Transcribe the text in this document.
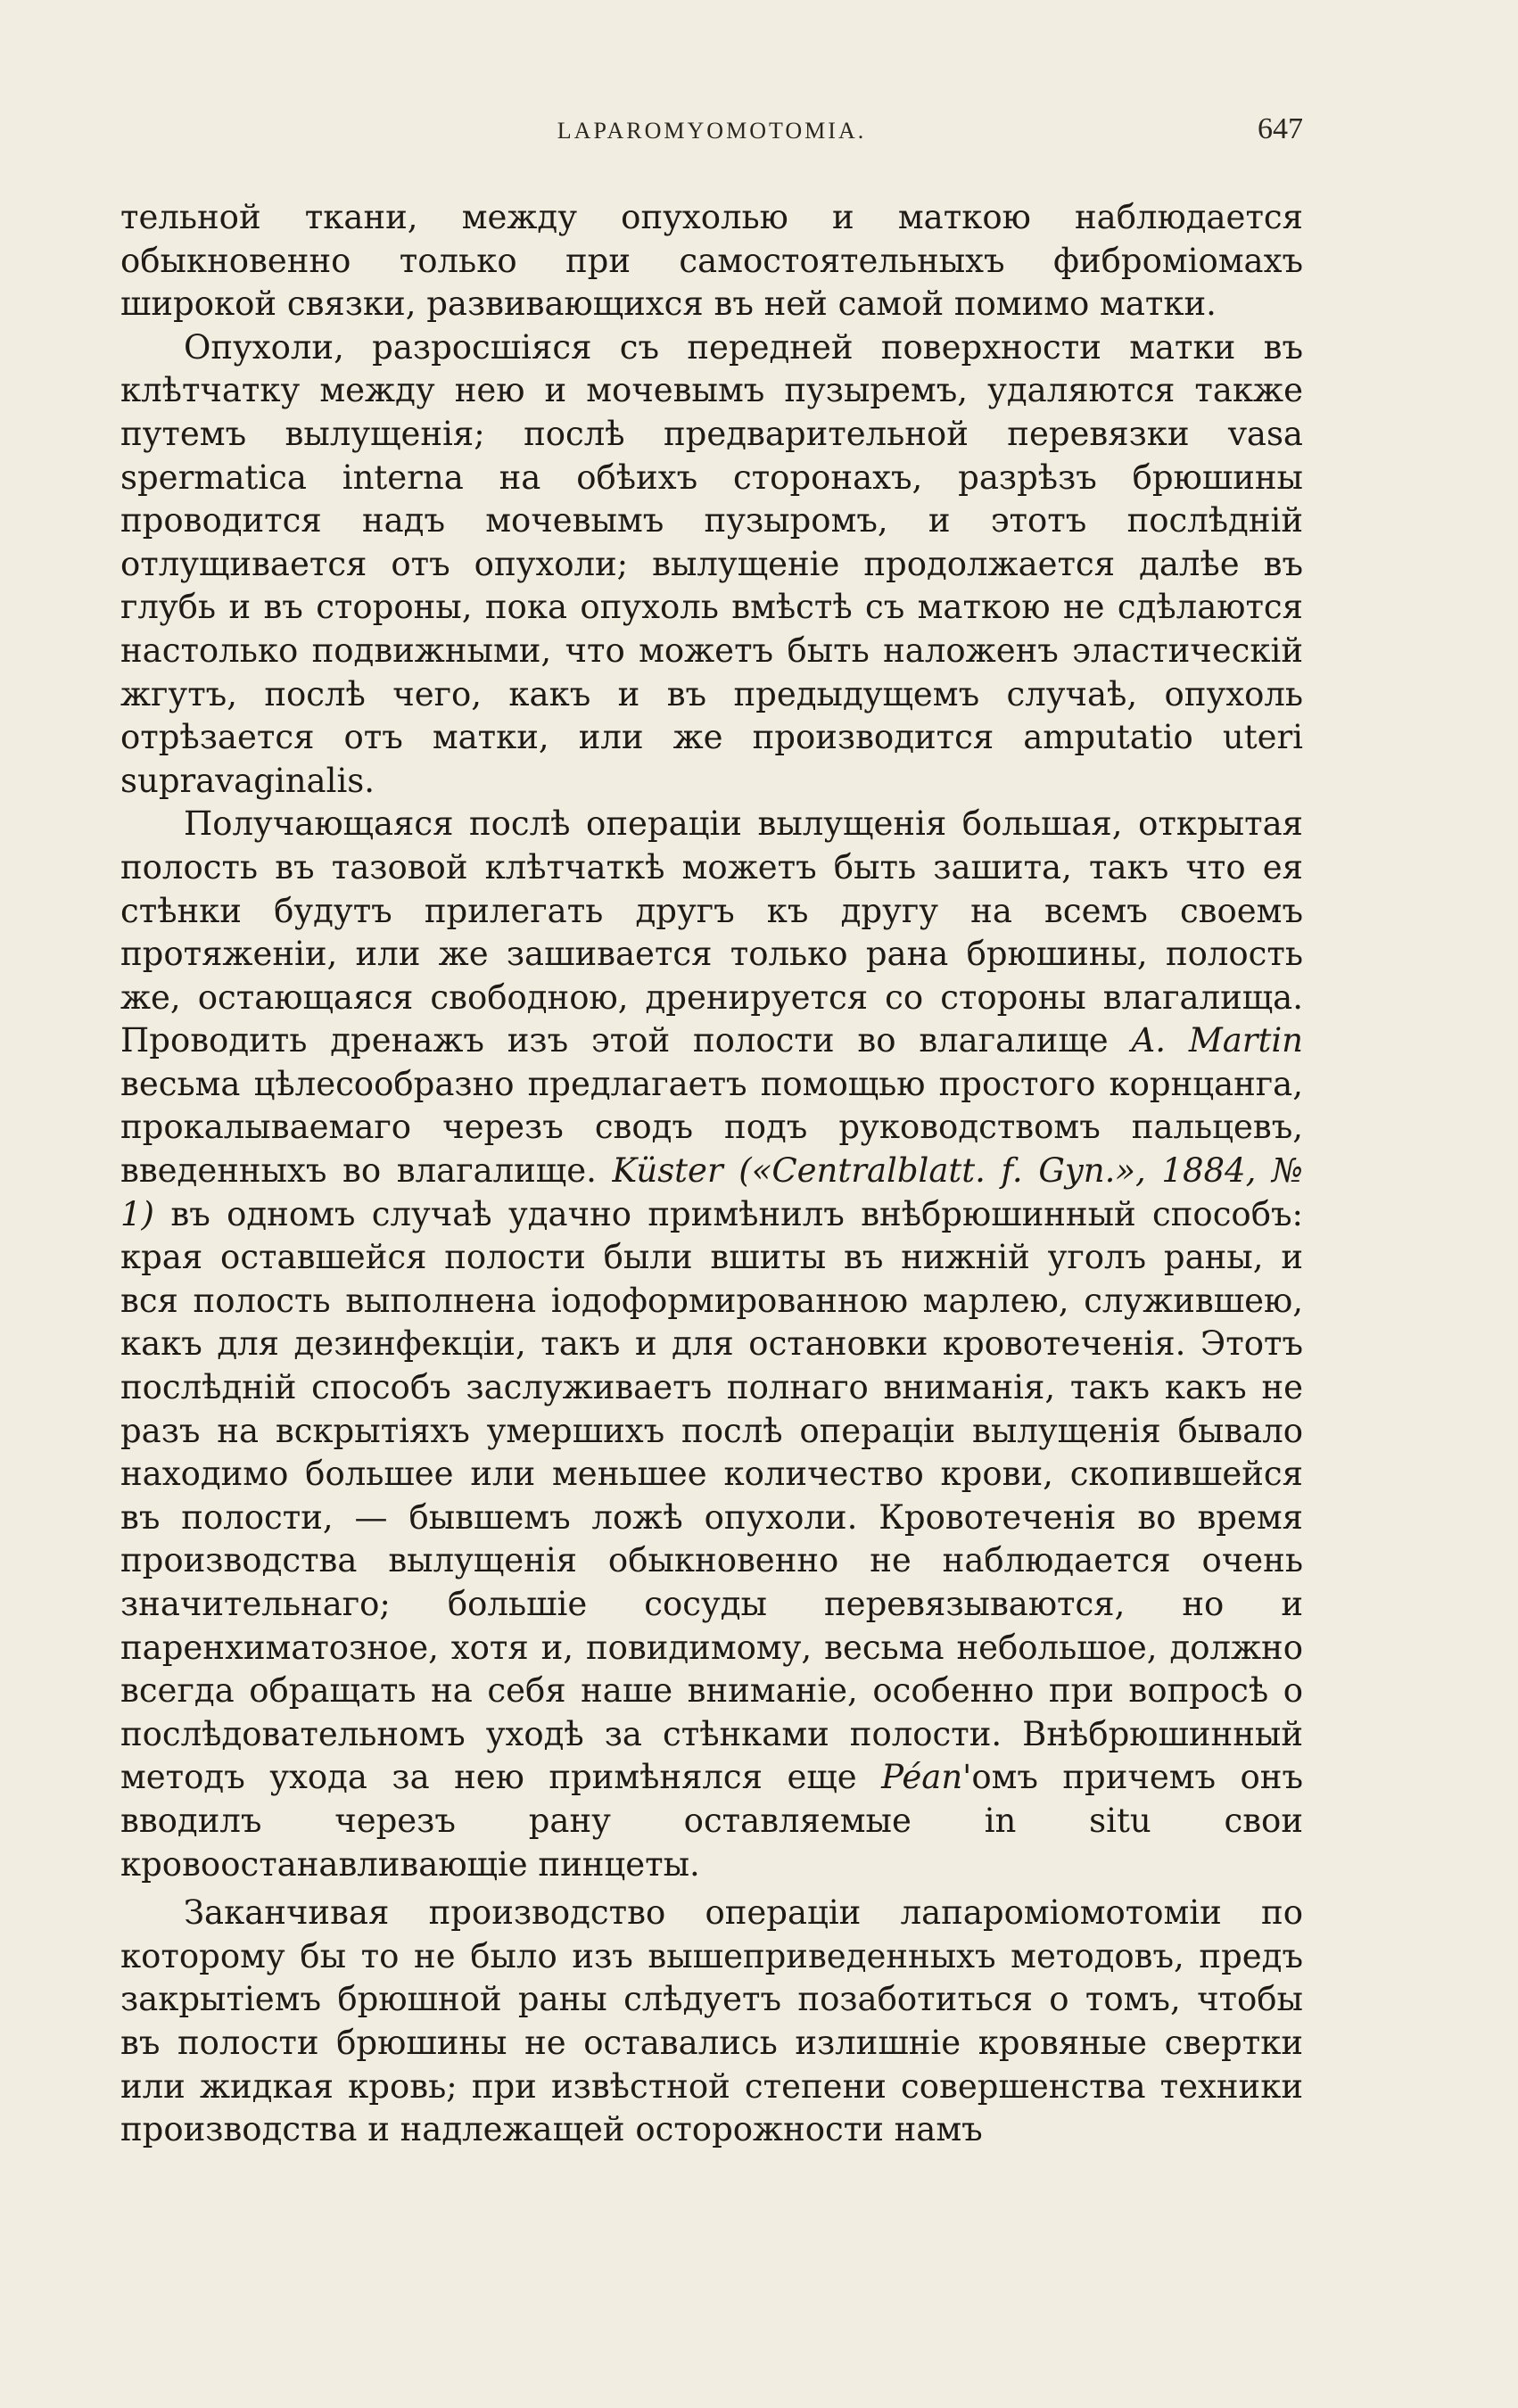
LAPAROMYOMOTOMIA.	647

тельной ткани, между опухолью и маткою наблюдается обыкновенно только при самостоятельныхъ фиброміомахъ широкой связки, развивающихся въ ней самой помимо матки.

Опухоли, разросшіяся съ передней поверхности матки въ клѣтчатку между нею и мочевымъ пузыремъ, удаляются также путемъ вылущенія; послѣ предварительной перевязки vasa spermatica interna на обѣихъ сторонахъ, разрѣзъ брюшины проводится надъ мочевымъ пузыромъ, и этотъ послѣдній отлущивается отъ опухоли; вылущеніе продолжается далѣе въ глубь и въ стороны, пока опухоль вмѣстѣ съ маткою не сдѣлаются настолько подвижными, что можетъ быть наложенъ эластическій жгутъ, послѣ чего, какъ и въ предыдущемъ случаѣ, опухоль отрѣзается отъ матки, или же производится amputatio uteri supravaginalis.

Получающаяся послѣ операціи вылущенія большая, открытая полость въ тазовой клѣтчаткѣ можетъ быть зашита, такъ что ея стѣнки будутъ прилегать другъ къ другу на всемъ своемъ протяженіи, или же зашивается только рана брюшины, полость же, остающаяся свободною, дренируется со стороны влагалища. Проводить дренажъ изъ этой полости во влагалище A. Martin весьма цѣлесообразно предлагаетъ помощью простого корнцанга, прокалываемаго черезъ сводъ подъ руководствомъ пальцевъ, введенныхъ во влагалище. Küster («Centralblatt. f. Gyn.», 1884, № 1) въ одномъ случаѣ удачно примѣнилъ внѣбрюшинный способъ: края оставшейся полости были вшиты въ нижній уголъ раны, и вся полость выполнена іодоформированною марлею, служившею, какъ для дезинфекціи, такъ и для остановки кровотеченія. Этотъ послѣдній способъ заслуживаетъ полнаго вниманія, такъ какъ не разъ на вскрытіяхъ умершихъ послѣ операціи вылущенія бывало находимо большее или меньшее количество крови, скопившейся въ полости, — бывшемъ ложѣ опухоли. Кровотеченія во время производства вылущенія обыкновенно не наблюдается очень значительнаго; большіе сосуды перевязываются, но и паренхиматозное, хотя и, повидимому, весьма небольшое, должно всегда обращать на себя наше вниманіе, особенно при вопросѣ о послѣдовательномъ уходѣ за стѣнками полости. Внѣбрюшинный методъ ухода за нею примѣнялся еще Péan'омъ причемъ онъ вводилъ черезъ рану оставляемые in situ свои кровоостанавливающіе пинцеты.

Заканчивая производство операціи лапароміомотоміи по которому бы то не было изъ вышеприведенныхъ методовъ, предъ закрытіемъ брюшной раны слѣдуетъ позаботиться о томъ, чтобы въ полости брюшины не оставались излишніе кровяные свертки или жидкая кровь; при извѣстной степени совершенства техники производства и надлежащей осторожности намъ
